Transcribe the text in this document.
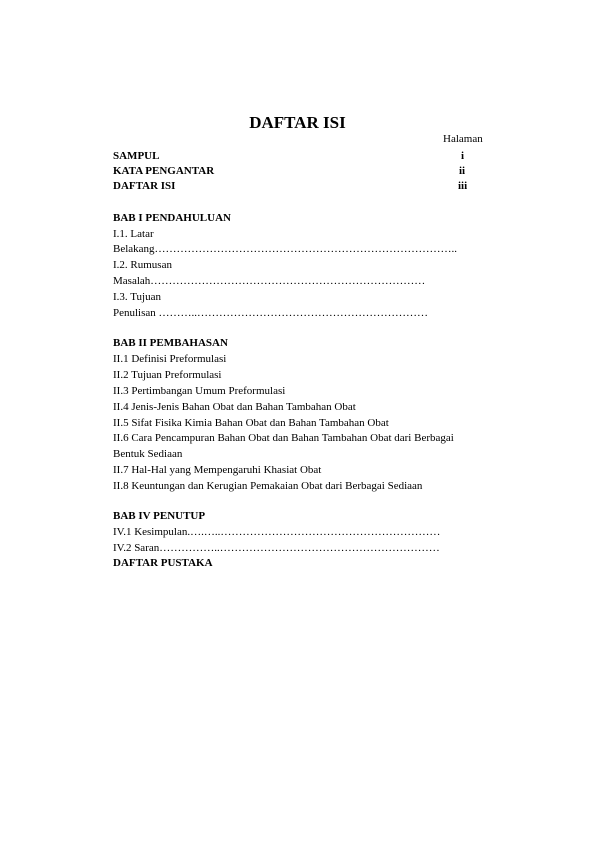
DAFTAR ISI
Halaman
SAMPUL	i
KATA PENGANTAR	ii
DAFTAR ISI	iii
BAB I PENDAHULUAN
I.1. Latar
Belakang………………………………………………………………………..
I.2. Rumusan
Masalah…………………………………………………………………
I.3. Tujuan
Penulisan ………..………………………………………………………
BAB II PEMBAHASAN
II.1 Definisi Preformulasi
II.2 Tujuan Preformulasi
II.3 Pertimbangan Umum Preformulasi
II.4 Jenis-Jenis Bahan Obat dan Bahan Tambahan Obat
II.5 Sifat Fisika Kimia Bahan Obat dan Bahan Tambahan Obat
II.6 Cara Pencampuran Bahan Obat dan Bahan Tambahan Obat dari Berbagai
Bentuk Sediaan
II.7 Hal-Hal yang Mempengaruhi Khasiat Obat
II.8 Keuntungan dan Kerugian Pemakaian Obat dari Berbagai Sediaan
BAB IV PENUTUP
IV.1 Kesimpulan.….…..……………………………………………………
IV.2 Saran……………..……………………………………………………
DAFTAR PUSTAKA
